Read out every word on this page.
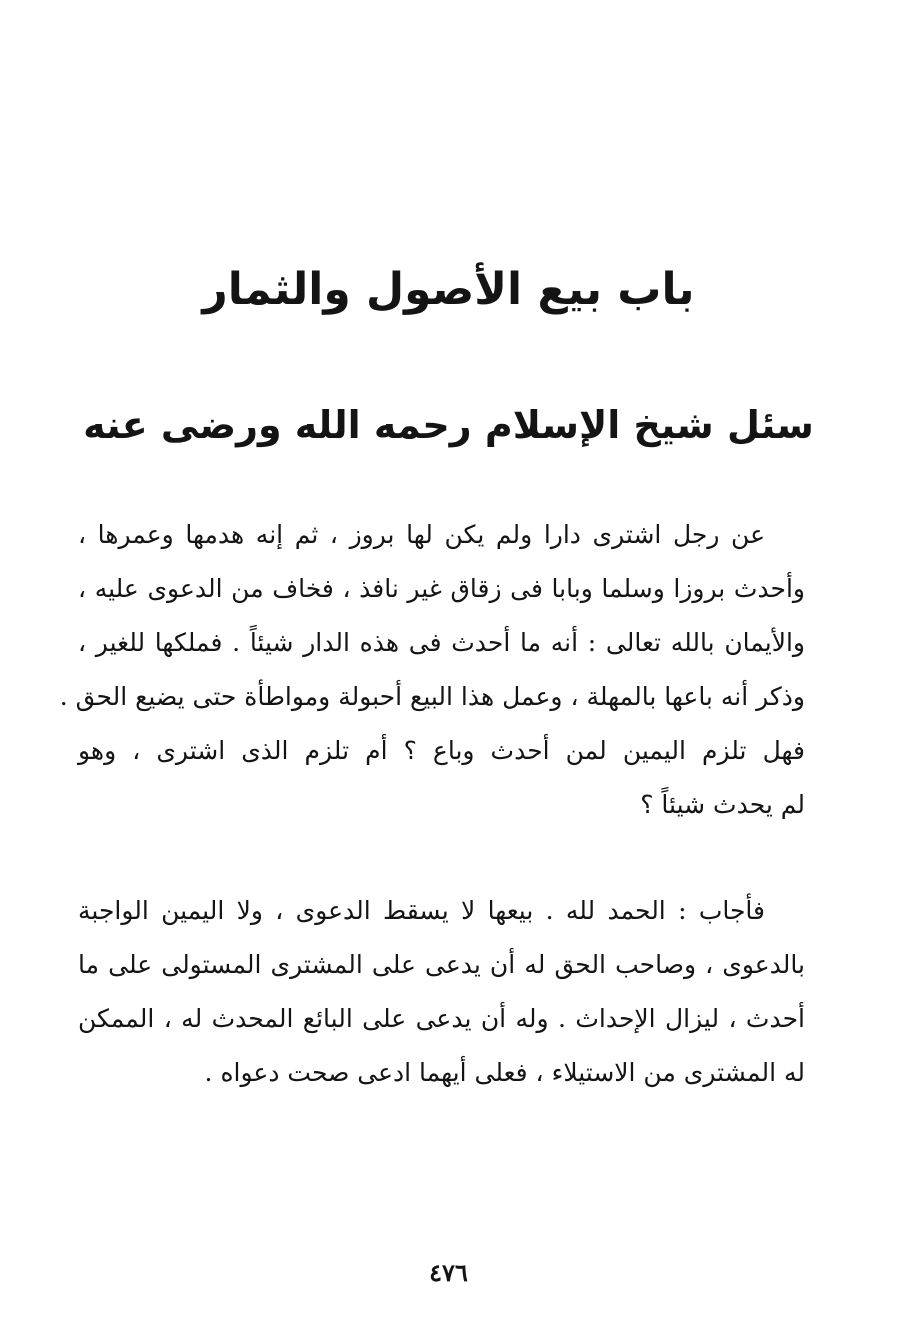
باب بيع الأصول والثمار
سئل شيخ الإسلام رحمه الله ورضى عنه
عن رجل اشترى دارا ولم يكن لها بروز ، ثم إنه هدمها وعمرها ،
وأحدث بروزا وسلما وبابا فى زقاق غير نافذ ، فخاف من الدعوى عليه ،
والأيمان بالله تعالى : أنه ما أحدث فى هذه الدار شيئاً . فملكها للغير ،
وذكر أنه باعها بالمهلة ، وعمل هذا البيع أحبولة ومواطأة حتى يضيع الحق .
فهل تلزم اليمين لمن أحدث وباع ؟ أم تلزم الذى اشترى ، وهو
لم يحدث شيئاً ؟
فأجاب : الحمد لله . بيعها لا يسقط الدعوى ، ولا اليمين الواجبة
بالدعوى ، وصاحب الحق له أن يدعى على المشترى المستولى على ما
أحدث ، ليزال الإحداث . وله أن يدعى على البائع المحدث له ، الممكن
له المشترى من الاستيلاء ، فعلى أيهما ادعى صحت دعواه .
٤٧٦
